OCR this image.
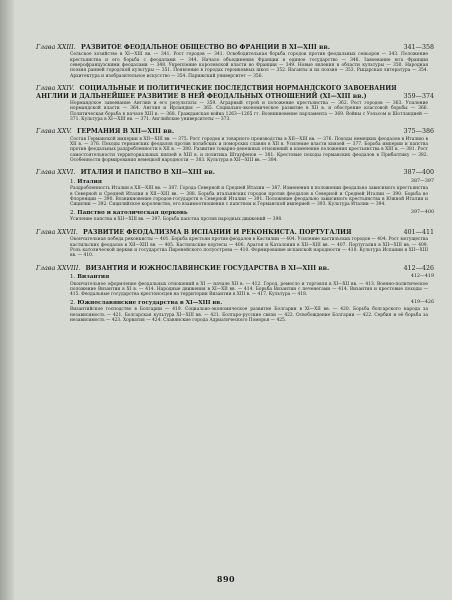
Глава XXIII. РАЗВИТОЕ ФЕОДАЛЬНОЕ ОБЩЕСТВО ВО ФРАНЦИИ В XI—XIII вв.	341—358
Сельское хозяйство в XI—XIII вв. — 341. Рост городов — 341. Освободительная борьба городов против феодальных сеньоров — 343. Положение крестьянства и его борьба с феодалами — 344. Начало объединения Франции в единое государство — 346. Завоевание юга Франции северофранцузскими феодалами — 348. Укрепление королевской власти во Франции — 349. Новые явления в области культуры — 350. Народная поэзия ранней городской культуры — 351. Появление в городах героиковных школ — 352. Ваганты и их поэзия — 353. Рыцарская литература — 354. Архитектура и изобразительное искусство — 354. Парижский университет — 356.
Глава XXIV. СОЦИАЛЬНЫЕ И ПОЛИТИЧЕСКИЕ ПОСЛЕДСТВИЯ НОРМАНДСКОГО ЗАВОЕВАНИЯ АНГЛИИ И ДАЛЬНЕЙШЕЕ РАЗВИТИЕ В НЕЙ ФЕОДАЛЬНЫХ ОТНОШЕНИЙ (XI—XIII вв.)	359—374
Нормандское завоевание Англии и его результаты — 359. Аграрный строй и положение крестьянства — 362. Рост городов — 363. Усиление нормандской власти — 364. Англия и Ирландия — 365. Социально-экономическое развитие в XII в. и обострение классовой борьбы — 366. Политическая борьба в начале XIII в. — 368. Гражданская война 1263—1265 гг. Возникновение парламента — 369. Войны с Уэльсом и Шотландией — 371. Культура в XI—XIII вв. — 371. Английские университеты — 373.
Глава XXV. ГЕРМАНИЯ В XII—XIII вв.	375—386
Состав Германской империи в XII—XIII вв. — 375. Рост городов и товарного производства в XII—XIII вв. — 376. Походы немецких феодалов в Италию в XII в. — 376. Походы германских феодалов против полабских и поморских славян в XII в. Усиление власти князей — 377. Борьба империи и папства против феодальных раздробленности в XII в. — 380. Развитие товарно-денежных отношений и изменение положения крестьянства в XIII в. — 381. Рост самостоятельности территориальных князей в XIII в. и политика Штауфенов — 381. Крестовые походы германских феодалов в Прибалтику — 382. Особенности формирования немецкой народности — 383. Культура в XII—XIII вв. — 384.
Глава XXVI. ИТАЛИЯ И ПАПСТВО В XII—XIII вв.	387—400
1. Италия	387—397
Раздробленность Италии в XII—XIII вв. — 387. Города Северной и Средней Италии — 387. Изменения в положении феодально зависимого крестьянства в Северной и Средней Италии в XII—XIII вв. — 388. Борьба итальянских городов против феодалов в Северной и Средней Италии — 390. Борьба во Флоренции — 390. Возникновение городов-государств в Северной Италии — 391. Положение феодально зависимого крестьянства в Южной Италии и Сицилии — 392. Сицилийское королевство, его взаимоотношения с папством и Германской империей — 393. Культура Италии — 394.
2. Папство и католическая церковь	397—400
Усиление папства в XII—XIII вв. — 397. Борьба папства против народных движений — 398.
Глава XXVII. РАЗВИТИЕ ФЕОДАЛИЗМА В ИСПАНИИ И РЕКОНКИСТА. ПОРТУГАЛИЯ	401—411
Окончательная победа реконкисты — 401. Борьба крестьян против феодалов в Кастилии — 404. Усиление кастильских городов — 404. Рост могущества кастильских феодалов в XII—XIII вв. — 405. Кастильские кортесы — 406. Арагон и Каталония в XII—XIII вв. — 407. Португалия в XII—XIII вв. — 409. Роль католической церкви и государства Пиренейского полуострова — 410. Формирование испанской народности — 410. Культура Испании в XII—XIII вв. — 410.
Глава XXVIII. ВИЗАНТИЯ И ЮЖНОСЛАВЯНСКИЕ ГОСУДАРСТВА В XI—XIII вв.	412—426
1. Византия	412—419
Окончательное оформление феодальных отношений в XI — начале XII в. — 412. Город, ремесло и торговля в XI—XII вв. — 413. Военно-политическое положение Византии в XI в. — 414. Народные движения в XI—XII вв. — 414. Борьба Византии с печенегами — 414. Византия и крестовые походы — 415. Феодальные государства крестоносцев на территории Византии в XIII в. — 417. Культура — 418.
2. Южнославянские государства в XI—XIII вв.	419—426
Византийское господство в Болгарии — 419. Социально-экономическое развитие Болгарии в XI—XII вв. — 420. Борьба болгарского народа за независимость — 421. Болгарская культура XI—XIII вв. — 421. Болгаро-русские связи — 422. Освобождение Болгарии — 422. Сербия и её борьба за независимость — 423. Хорватия — 424. Славянские города Адриатического Поморья — 425.
890
